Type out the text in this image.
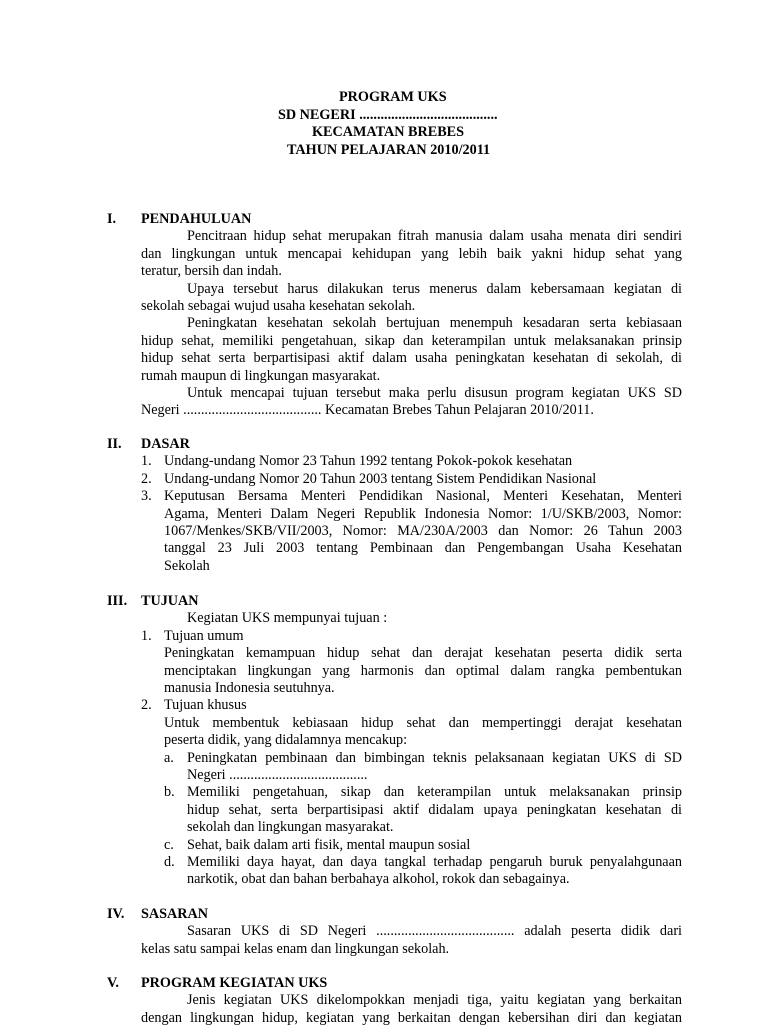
PROGRAM UKS
SD NEGERI .......................................
KECAMATAN BREBES
TAHUN PELAJARAN 2010/2011
I. PENDAHULUAN
Pencitraan hidup sehat merupakan fitrah manusia dalam usaha menata diri sendiri
dan lingkungan untuk mencapai kehidupan yang lebih baik yakni hidup sehat yang
teratur, bersih dan indah.
Upaya tersebut harus dilakukan terus menerus dalam kebersamaan kegiatan di
sekolah sebagai wujud usaha kesehatan sekolah.
Peningkatan kesehatan sekolah bertujuan menempuh kesadaran serta kebiasaan
hidup sehat, memiliki pengetahuan, sikap dan keterampilan untuk melaksanakan prinsip
hidup sehat serta berpartisipasi aktif dalam usaha peningkatan kesehatan di sekolah, di
rumah maupun di lingkungan masyarakat.
Untuk mencapai tujuan tersebut maka perlu disusun program kegiatan UKS SD
Negeri ....................................... Kecamatan Brebes Tahun Pelajaran 2010/2011.
II. DASAR
1. Undang-undang Nomor 23 Tahun 1992 tentang Pokok-pokok kesehatan
2. Undang-undang Nomor 20 Tahun 2003 tentang Sistem Pendidikan Nasional
3. Keputusan Bersama Menteri Pendidikan Nasional, Menteri Kesehatan, Menteri
Agama, Menteri Dalam Negeri Republik Indonesia Nomor: 1/U/SKB/2003, Nomor:
1067/Menkes/SKB/VII/2003, Nomor: MA/230A/2003 dan Nomor: 26 Tahun 2003
tanggal 23 Juli 2003 tentang Pembinaan dan Pengembangan Usaha Kesehatan
Sekolah
III. TUJUAN
Kegiatan UKS mempunyai tujuan :
1. Tujuan umum
Peningkatan kemampuan hidup sehat dan derajat kesehatan peserta didik serta
menciptakan lingkungan yang harmonis dan optimal dalam rangka pembentukan
manusia Indonesia seutuhnya.
2. Tujuan khusus
Untuk membentuk kebiasaan hidup sehat dan mempertinggi derajat kesehatan
peserta didik, yang didalamnya mencakup:
a. Peningkatan pembinaan dan bimbingan teknis pelaksanaan kegiatan UKS di SD
Negeri .......................................
b. Memiliki pengetahuan, sikap dan keterampilan untuk melaksanakan prinsip
hidup sehat, serta berpartisipasi aktif didalam upaya peningkatan kesehatan di
sekolah dan lingkungan masyarakat.
c. Sehat, baik dalam arti fisik, mental maupun sosial
d. Memiliki daya hayat, dan daya tangkal terhadap pengaruh buruk penyalahgunaan
narkotik, obat dan bahan berbahaya alkohol, rokok dan sebagainya.
IV. SASARAN
Sasaran UKS di SD Negeri ....................................... adalah peserta didik dari
kelas satu sampai kelas enam dan lingkungan sekolah.
V. PROGRAM KEGIATAN UKS
Jenis kegiatan UKS dikelompokkan menjadi tiga, yaitu kegiatan yang berkaitan
dengan lingkungan hidup, kegiatan yang berkaitan dengan kebersihan diri dan kegiatan
